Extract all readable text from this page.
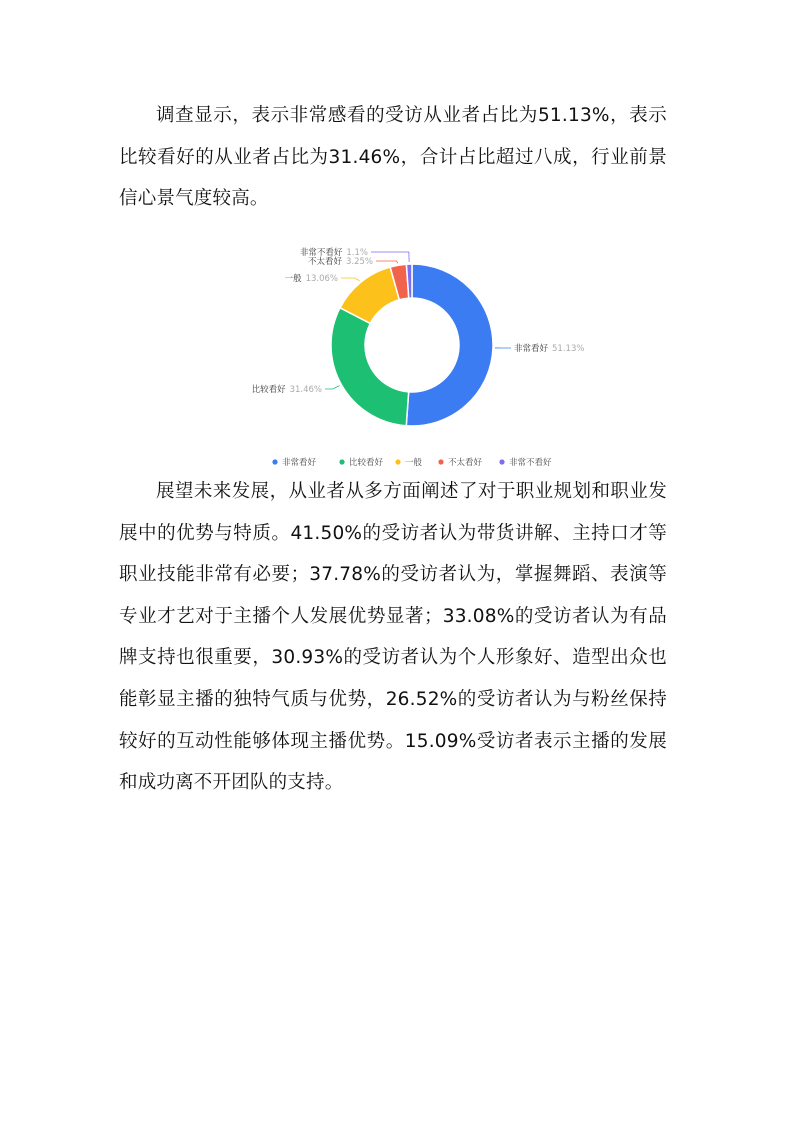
调查显示，表示非常感看的受访从业者占比为51.13%，表示比较看好的从业者占比为31.46%，合计占比超过八成，行业前景信心景气度较高。

非常看好 51.13%
比较看好 31.46%
一般 13.06%
不太看好 3.25%
非常不看好 1.1%
非常看好	比较看好	一般	不太看好	非常不看好

展望未来发展，从业者从多方面阐述了对于职业规划和职业发展中的优势与特质。41.50%的受访者认为带货讲解、主持口才等职业技能非常有必要；37.78%的受访者认为，掌握舞蹈、表演等专业才艺对于主播个人发展优势显著；33.08%的受访者认为有品牌支持也很重要，30.93%的受访者认为个人形象好、造型出众也能彰显主播的独特气质与优势，26.52%的受访者认为与粉丝保持较好的互动性能够体现主播优势。15.09%受访者表示主播的发展和成功离不开团队的支持。
